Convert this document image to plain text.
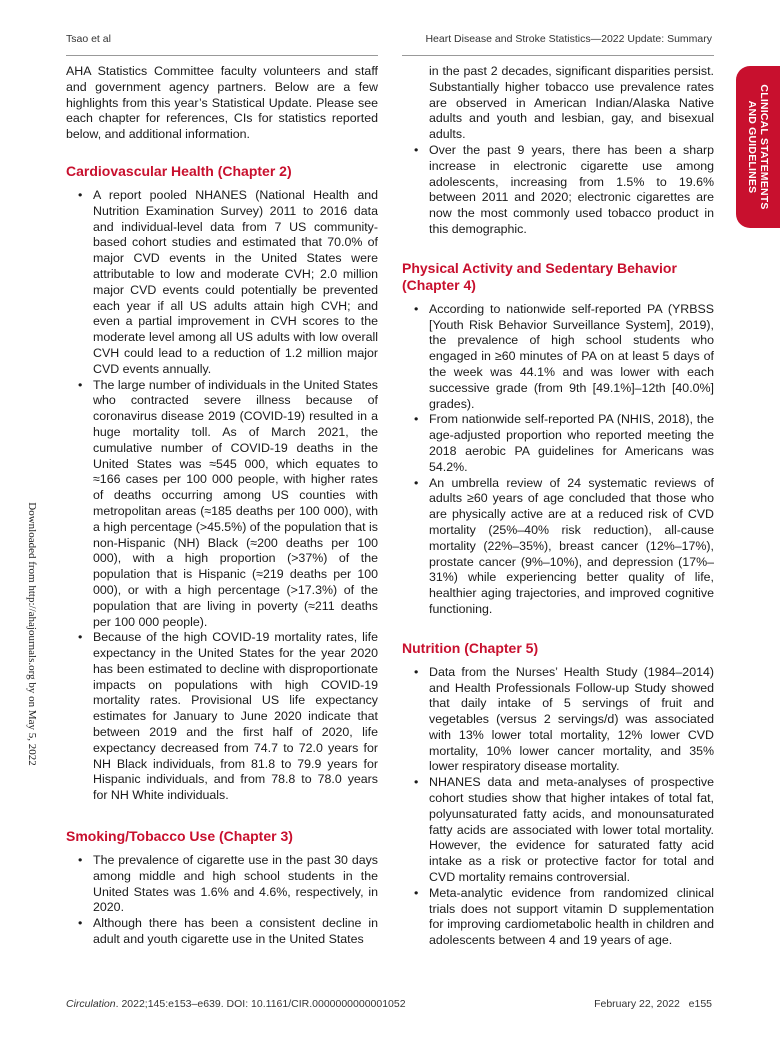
Tsao et al	Heart Disease and Stroke Statistics—2022 Update: Summary
CLINICAL STATEMENTS
AND GUIDELINES
Downloaded from http://ahajournals.org by on May 5, 2022

AHA Statistics Committee faculty volunteers and staff and government agency partners. Below are a few highlights from this year’s Statistical Update. Please see each chapter for references, CIs for statistics reported below, and additional information.

Cardiovascular Health (Chapter 2)
• A report pooled NHANES (National Health and Nutrition Examination Survey) 2011 to 2016 data and individual-level data from 7 US community-based cohort studies and estimated that 70.0% of major CVD events in the United States were attributable to low and moderate CVH; 2.0 million major CVD events could potentially be prevented each year if all US adults attain high CVH; and even a partial improvement in CVH scores to the moderate level among all US adults with low overall CVH could lead to a reduction of 1.2 million major CVD events annually.
• The large number of individuals in the United States who contracted severe illness because of coronavirus disease 2019 (COVID-19) resulted in a huge mortality toll. As of March 2021, the cumulative number of COVID-19 deaths in the United States was ≈545 000, which equates to ≈166 cases per 100 000 people, with higher rates of deaths occurring among US counties with metropolitan areas (≈185 deaths per 100 000), with a high percentage (>45.5%) of the population that is non-Hispanic (NH) Black (≈200 deaths per 100 000), with a high proportion (>37%) of the population that is Hispanic (≈219 deaths per 100 000), or with a high percentage (>17.3%) of the population that are living in poverty (≈211 deaths per 100 000 people).
• Because of the high COVID-19 mortality rates, life expectancy in the United States for the year 2020 has been estimated to decline with disproportionate impacts on populations with high COVID-19 mortality rates. Provisional US life expectancy estimates for January to June 2020 indicate that between 2019 and the first half of 2020, life expectancy decreased from 74.7 to 72.0 years for NH Black individuals, from 81.8 to 79.9 years for Hispanic individuals, and from 78.8 to 78.0 years for NH White individuals.
Smoking/Tobacco Use (Chapter 3)
• The prevalence of cigarette use in the past 30 days among middle and high school students in the United States was 1.6% and 4.6%, respectively, in 2020.
• Although there has been a consistent decline in adult and youth cigarette use in the United States

in the past 2 decades, significant disparities persist. Substantially higher tobacco use prevalence rates are observed in American Indian/Alaska Native adults and youth and lesbian, gay, and bisexual adults.

• Over the past 9 years, there has been a sharp increase in electronic cigarette use among adolescents, increasing from 1.5% to 19.6% between 2011 and 2020; electronic cigarettes are now the most commonly used tobacco product in this demographic.
Physical Activity and Sedentary Behavior (Chapter 4)
• According to nationwide self-reported PA (YRBSS [Youth Risk Behavior Surveillance System], 2019), the prevalence of high school students who engaged in ≥60 minutes of PA on at least 5 days of the week was 44.1% and was lower with each successive grade (from 9th [49.1%]–12th [40.0%] grades).
• From nationwide self-reported PA (NHIS, 2018), the age-adjusted proportion who reported meeting the 2018 aerobic PA guidelines for Americans was 54.2%.
• An umbrella review of 24 systematic reviews of adults ≥60 years of age concluded that those who are physically active are at a reduced risk of CVD mortality (25%–40% risk reduction), all-cause mortality (22%–35%), breast cancer (12%–17%), prostate cancer (9%–10%), and depression (17%–31%) while experiencing better quality of life, healthier aging trajectories, and improved cognitive functioning.
Nutrition (Chapter 5)
• Data from the Nurses’ Health Study (1984–2014) and Health Professionals Follow-up Study showed that daily intake of 5 servings of fruit and vegetables (versus 2 servings/d) was associated with 13% lower total mortality, 12% lower CVD mortality, 10% lower cancer mortality, and 35% lower respiratory disease mortality.
• NHANES data and meta-analyses of prospective cohort studies show that higher intakes of total fat, polyunsaturated fatty acids, and monounsaturated fatty acids are associated with lower total mortality. However, the evidence for saturated fatty acid intake as a risk or protective factor for total and CVD mortality remains controversial.
• Meta-analytic evidence from randomized clinical trials does not support vitamin D supplementation for improving cardiometabolic health in children and adolescents between 4 and 19 years of age.
Circulation. 2022;145:e153–e639. DOI: 10.1161/CIR.0000000000001052	February 22, 2022 e155
